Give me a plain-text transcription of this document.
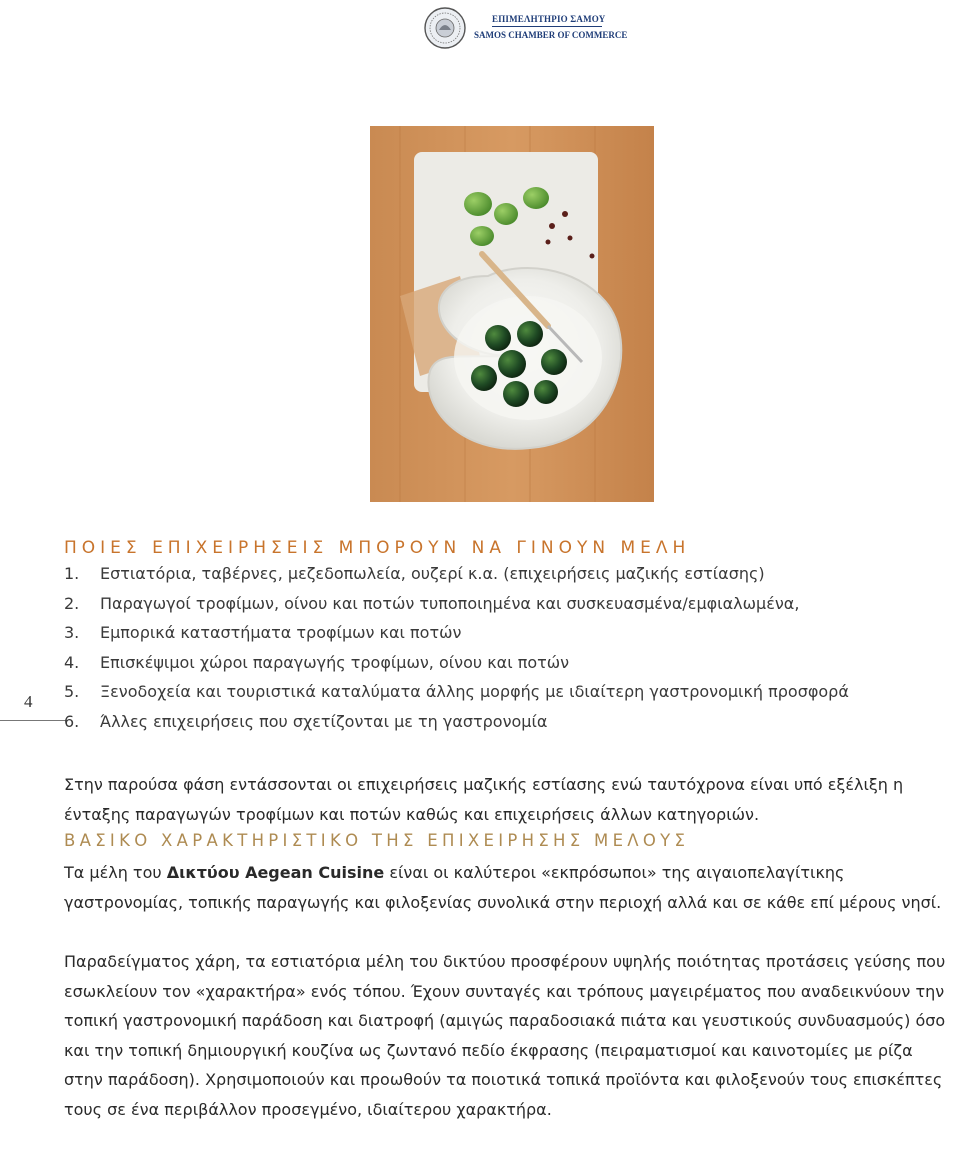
ΕΠΙΜΕΛΗΤΗΡΙΟ ΣΑΜΟΥ
SAMOS CHAMBER OF COMMERCE
4
ΠΟΙΕΣ ΕΠΙΧΕΙΡΗΣΕΙΣ ΜΠΟΡΟΥΝ ΝΑ ΓΙΝΟΥΝ ΜΕΛΗ
1.	Εστιατόρια, ταβέρνες, μεζεδοπωλεία, ουζερί κ.α. (επιχειρήσεις μαζικής εστίασης)
2.	Παραγωγοί τροφίμων, οίνου και ποτών τυποποιημένα και συσκευασμένα/εμφιαλωμένα,
3.	Εμπορικά καταστήματα τροφίμων και ποτών
4.	Επισκέψιμοι χώροι παραγωγής τροφίμων, οίνου και ποτών
5.	Ξενοδοχεία και τουριστικά καταλύματα άλλης μορφής με ιδιαίτερη γαστρονομική προσφορά
6.	Άλλες επιχειρήσεις που σχετίζονται με τη γαστρονομία

Στην παρούσα φάση εντάσσονται οι επιχειρήσεις μαζικής εστίασης ενώ ταυτόχρονα είναι υπό εξέλιξη η ένταξης παραγωγών τροφίμων και ποτών καθώς και επιχειρήσεις άλλων κατηγοριών.

ΒΑΣΙΚΟ ΧΑΡΑΚΤΗΡΙΣΤΙΚΟ ΤΗΣ ΕΠΙΧΕΙΡΗΣΗΣ ΜΕΛΟΥΣ

Τα μέλη του Δικτύου Aegean Cuisine είναι οι καλύτεροι «εκπρόσωποι» της αιγαιοπελαγίτικης γαστρονομίας, τοπικής παραγωγής και φιλοξενίας συνολικά στην περιοχή αλλά και σε κάθε επί μέρους νησί.

Παραδείγματος χάρη, τα εστιατόρια μέλη του δικτύου προσφέρουν υψηλής ποιότητας προτάσεις γεύσης που εσωκλείουν τον «χαρακτήρα» ενός τόπου. Έχουν συνταγές και τρόπους μαγειρέματος που αναδεικνύουν την τοπική γαστρονομική παράδοση και διατροφή (αμιγώς παραδοσιακά πιάτα και γευστικούς συνδυασμούς) όσο και την τοπική δημιουργική κουζίνα ως ζωντανό πεδίο έκφρασης (πειραματισμοί και καινοτομίες με ρίζα στην παράδοση). Χρησιμοποιούν και προωθούν τα ποιοτικά τοπικά προϊόντα και φιλοξενούν τους επισκέπτες τους σε ένα περιβάλλον προσεγμένο, ιδιαίτερου χαρακτήρα.
